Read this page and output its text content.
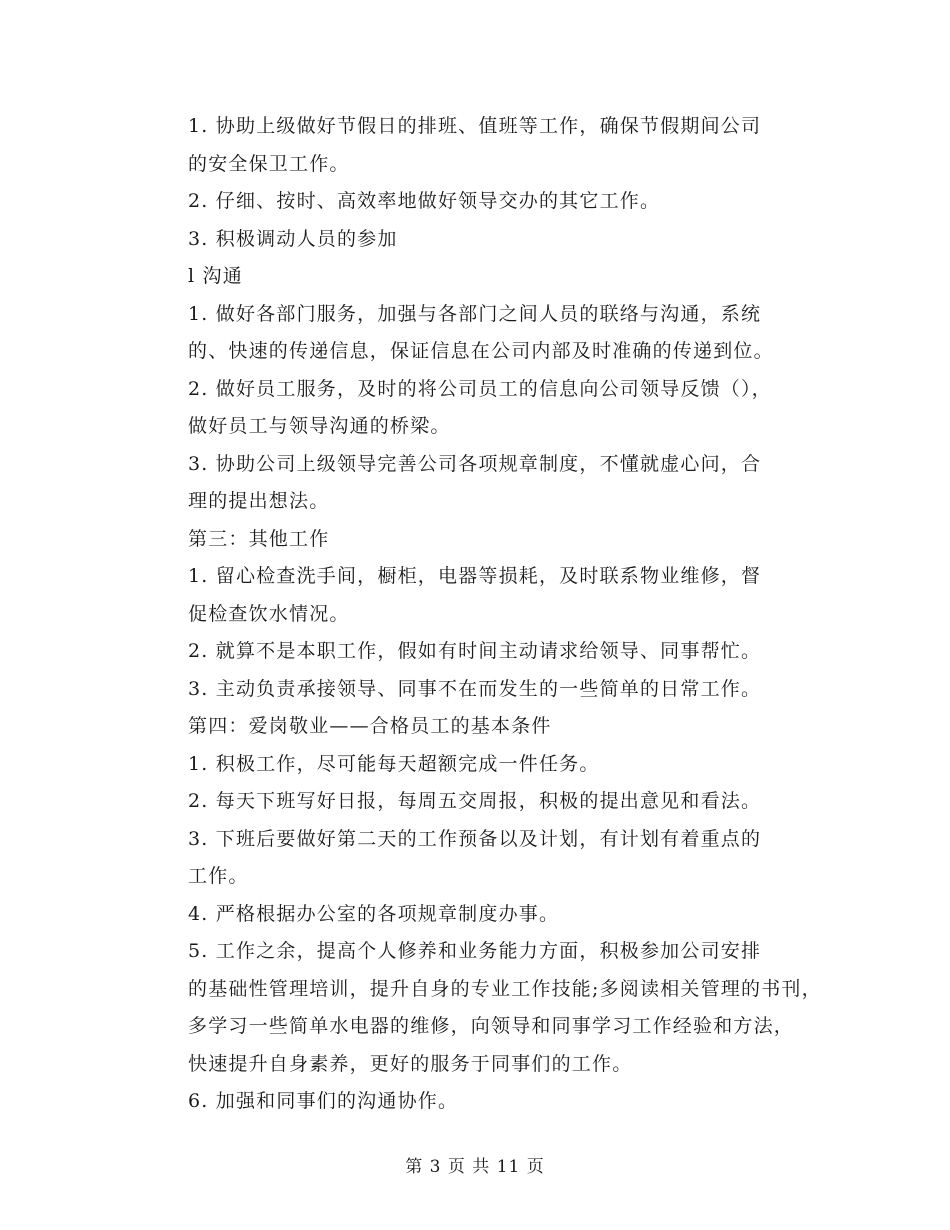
1. 协助上级做好节假日的排班、值班等工作，确保节假期间公司
的安全保卫工作。

2. 仔细、按时、高效率地做好领导交办的其它工作。

3. 积极调动人员的参加

l 沟通

1. 做好各部门服务，加强与各部门之间人员的联络与沟通，系统
的、快速的传递信息，保证信息在公司内部及时准确的传递到位。

2. 做好员工服务，及时的将公司员工的信息向公司领导反馈（），
做好员工与领导沟通的桥梁。

3. 协助公司上级领导完善公司各项规章制度，不懂就虚心问，合
理的提出想法。

第三：其他工作

1. 留心检查洗手间，橱柜，电器等损耗，及时联系物业维修，督
促检查饮水情况。

2. 就算不是本职工作，假如有时间主动请求给领导、同事帮忙。

3. 主动负责承接领导、同事不在而发生的一些简单的日常工作。

第四：爱岗敬业——合格员工的基本条件

1. 积极工作，尽可能每天超额完成一件任务。

2. 每天下班写好日报，每周五交周报，积极的提出意见和看法。

3. 下班后要做好第二天的工作预备以及计划，有计划有着重点的
工作。

4. 严格根据办公室的各项规章制度办事。

5. 工作之余，提高个人修养和业务能力方面，积极参加公司安排
的基础性管理培训，提升自身的专业工作技能;多阅读相关管理的书刊，
多学习一些简单水电器的维修，向领导和同事学习工作经验和方法，
快速提升自身素养，更好的服务于同事们的工作。

6. 加强和同事们的沟通协作。

第 3 页 共 11 页
